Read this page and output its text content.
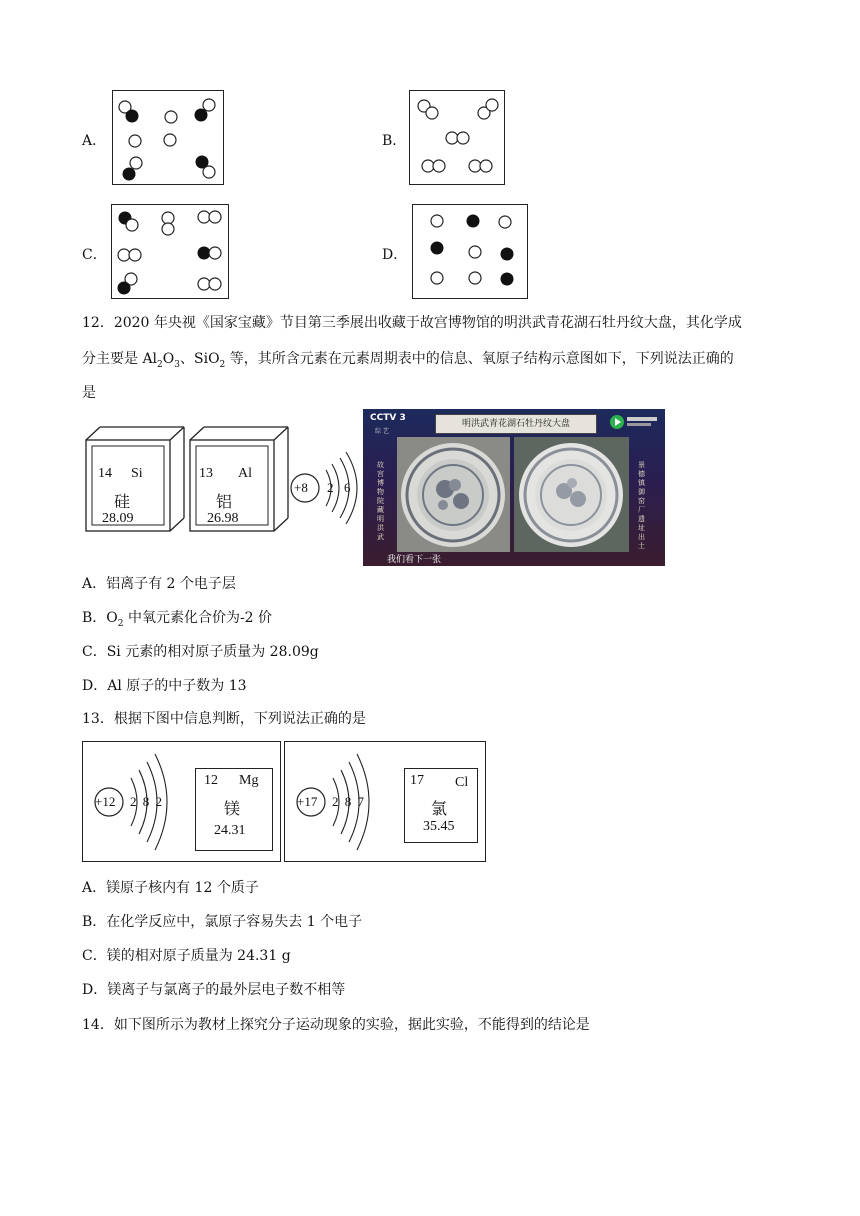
A．	B．
C．	D．
12．2020 年央视《国家宝藏》节目第三季展出收藏于故宫博物馆的明洪武青花湖石牡丹纹大盘，其化学成
分主要是 $Al_2O_3$、SiO$_2$ 等，其所含元素在元素周期表中的信息、氧原子结构示意图如下，下列说法正确的
是
14 Si
硅
28.09
13 Al
铝
26.98
+8 2 6
CCTV 3
综 艺
明洪武青花湖石牡丹纹大盘
故宫博物院藏明洪武
景德镇御窑厂遗址出土
我们看下一张
A．铝离子有 2 个电子层
B．$O_2$ 中氧元素化合价为-2 价
C．Si 元素的相对原子质量为 28.09g
D．Al 原子的中子数为 13
13．根据下图中信息判断，下列说法正确的是
+12 2 8 2
12 Mg
镁
24.31
+17 2 8 7
17 Cl
氯
35.45
A．镁原子核内有 12 个质子
B．在化学反应中，氯原子容易失去 1 个电子
C．镁的相对原子质量为 24.31 g
D．镁离子与氯离子的最外层电子数不相等
14．如下图所示为教材上探究分子运动现象的实验，据此实验，不能得到的结论是
